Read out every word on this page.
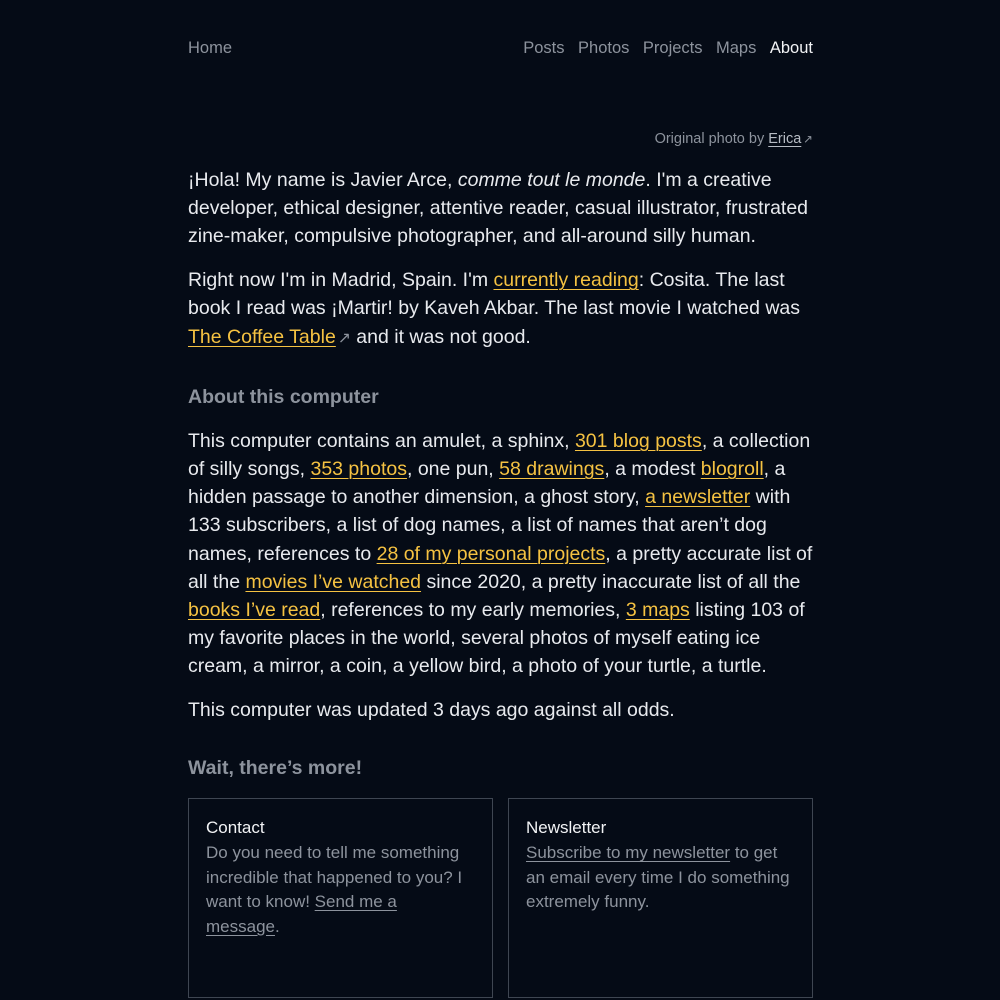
Home	Posts Photos Projects Maps About
Original photo by Erica ↗

¡Hola! My name is Javier Arce, comme tout le monde. I'm a creative developer, ethical designer, attentive reader, casual illustrator, frustrated zine-maker, compulsive photographer, and all-around silly human.

Right now I'm in Madrid, Spain. I'm currently reading: Cosita. The last book I read was ¡Martir! by Kaveh Akbar. The last movie I watched was The Coffee Table ↗ and it was not good.

About this computer

This computer contains an amulet, a sphinx, 301 blog posts, a collection of silly songs, 353 photos, one pun, 58 drawings, a modest blogroll, a hidden passage to another dimension, a ghost story, a newsletter with 133 subscribers, a list of dog names, a list of names that aren’t dog names, references to 28 of my personal projects, a pretty accurate list of all the movies I’ve watched since 2020, a pretty inaccurate list of all the books I’ve read, references to my early memories, 3 maps listing 103 of my favorite places in the world, several photos of myself eating ice cream, a mirror, a coin, a yellow bird, a photo of your turtle, a turtle.

This computer was updated 3 days ago against all odds.

Wait, there’s more!
Contact

Do you need to tell me something incredible that happened to you? I want to know! Send me a message.

Newsletter

Subscribe to my newsletter to get an email every time I do something extremely funny.
